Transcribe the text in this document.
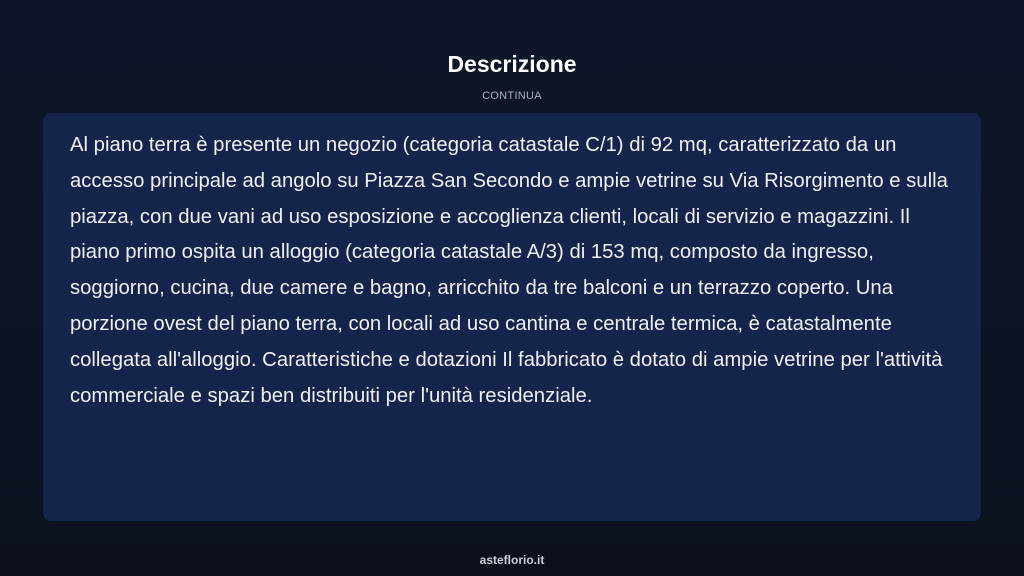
Descrizione
CONTINUA

Al piano terra è presente un negozio (categoria catastale C/1) di 92 mq, caratterizzato da un accesso principale ad angolo su Piazza San Secondo e ampie vetrine su Via Risorgimento e sulla piazza, con due vani ad uso esposizione e accoglienza clienti, locali di servizio e magazzini. Il piano primo ospita un alloggio (categoria catastale A/3) di 153 mq, composto da ingresso, soggiorno, cucina, due camere e bagno, arricchito da tre balconi e un terrazzo coperto. Una porzione ovest del piano terra, con locali ad uso cantina e centrale termica, è catastalmente collegata all'alloggio. Caratteristiche e dotazioni Il fabbricato è dotato di ampie vetrine per l'attività commerciale e spazi ben distribuiti per l'unità residenziale.

asteflorio.it
